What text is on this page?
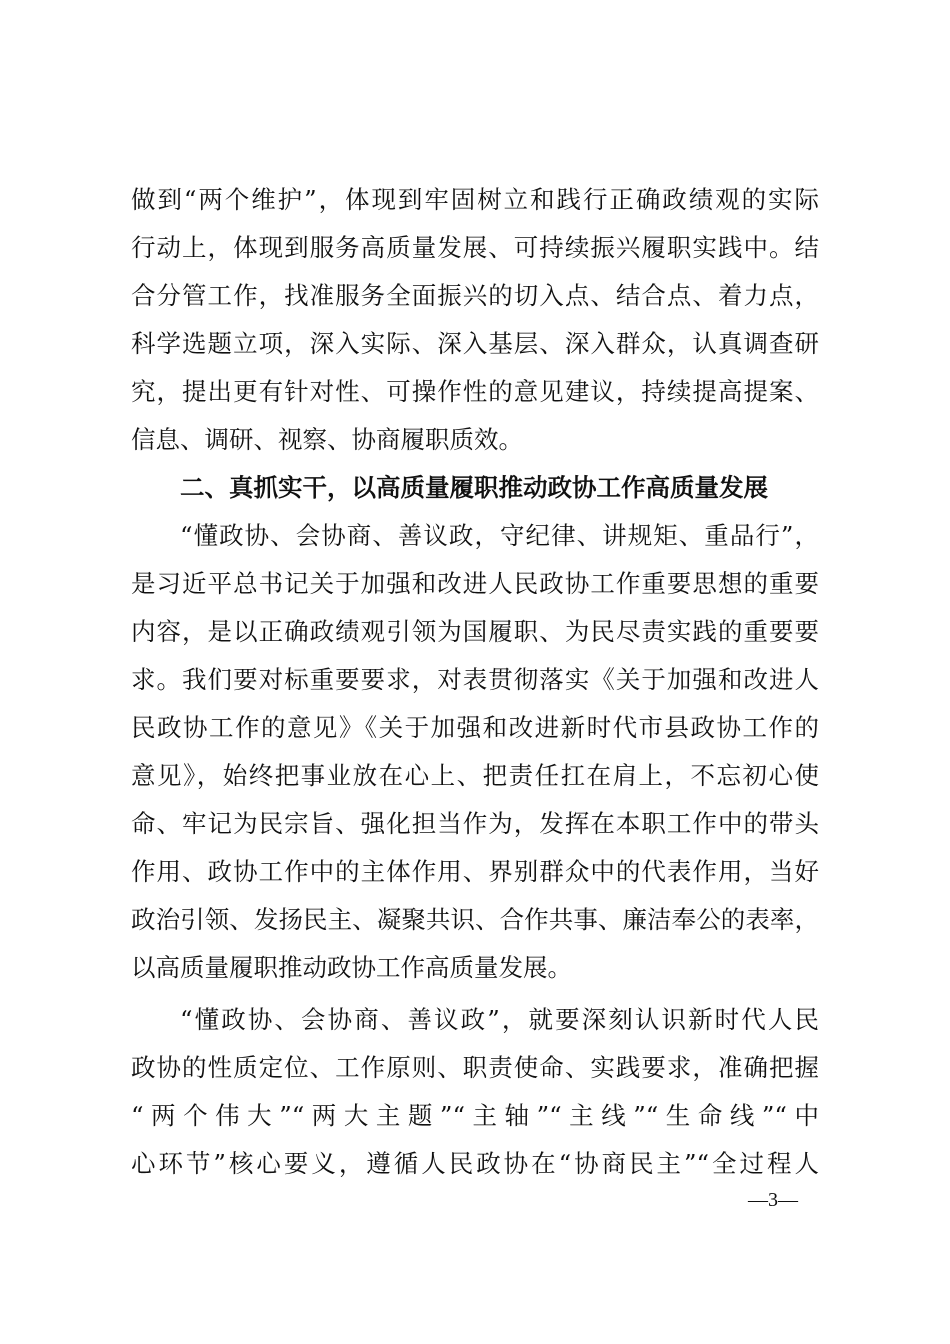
做到“两个维护”，体现到牢固树立和践行正确政绩观的实际
行动上，体现到服务高质量发展、可持续振兴履职实践中。结
合分管工作，找准服务全面振兴的切入点、结合点、着力点，
科学选题立项，深入实际、深入基层、深入群众，认真调查研
究，提出更有针对性、可操作性的意见建议，持续提高提案、
信息、调研、视察、协商履职质效。
二、真抓实干，以高质量履职推动政协工作高质量发展
“懂政协、会协商、善议政，守纪律、讲规矩、重品行”，
是习近平总书记关于加强和改进人民政协工作重要思想的重要
内容，是以正确政绩观引领为国履职、为民尽责实践的重要要
求。我们要对标重要要求，对表贯彻落实《关于加强和改进人
民政协工作的意见》《关于加强和改进新时代市县政协工作的
意见》，始终把事业放在心上、把责任扛在肩上，不忘初心使
命、牢记为民宗旨、强化担当作为，发挥在本职工作中的带头
作用、政协工作中的主体作用、界别群众中的代表作用，当好
政治引领、发扬民主、凝聚共识、合作共事、廉洁奉公的表率，
以高质量履职推动政协工作高质量发展。
“懂政协、会协商、善议政”，就要深刻认识新时代人民
政协的性质定位、工作原则、职责使命、实践要求，准确把握
“两个伟大”“两大主题”“主轴”“主线”“生命线”“中
心环节”核心要义，遵循人民政协在“协商民主”“全过程人
—3—
